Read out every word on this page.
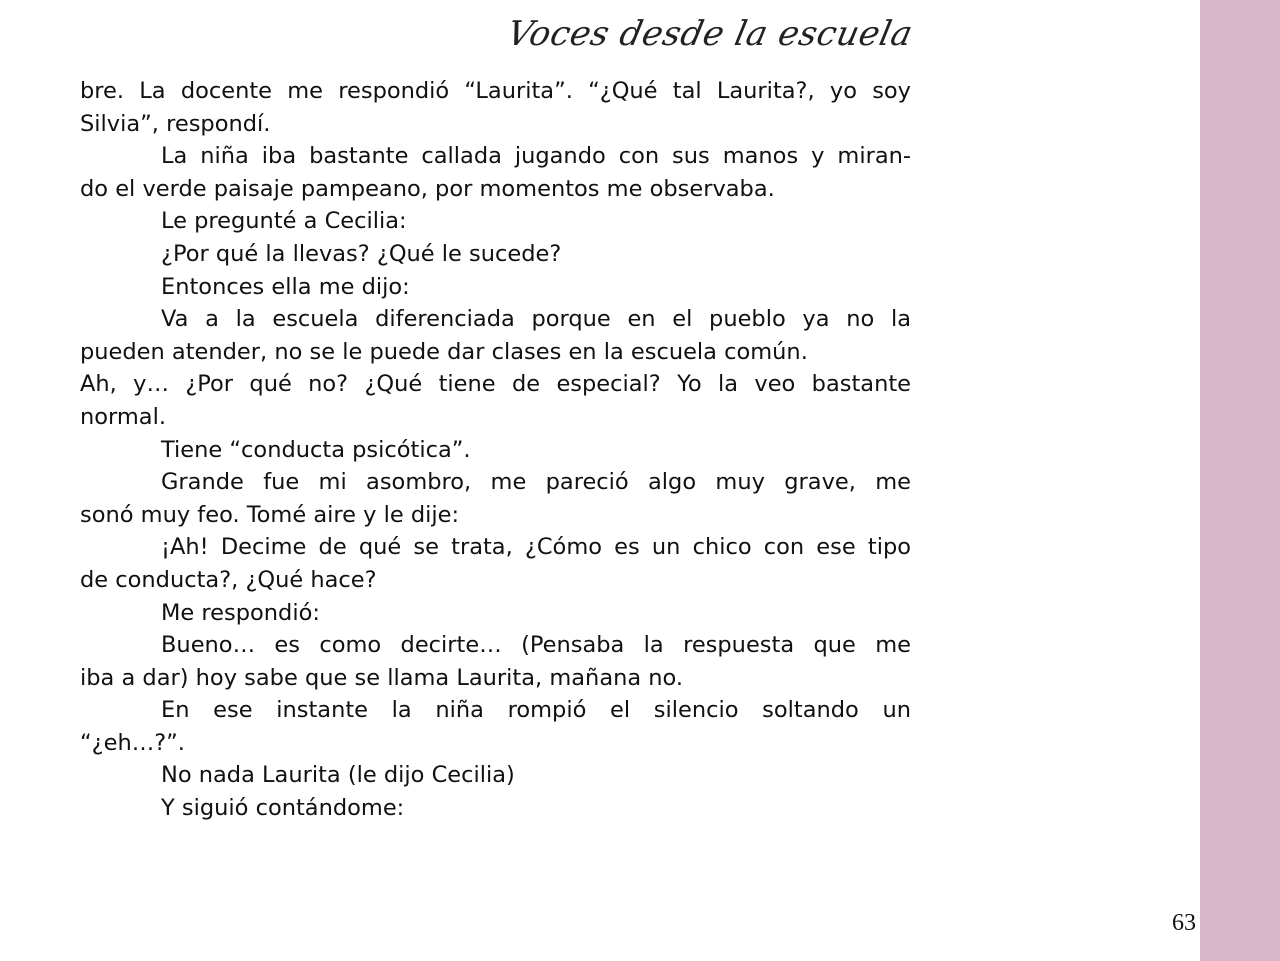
Voces desde la escuela
bre. La docente me respondió “Laurita”. “¿Qué tal Laurita?, yo soy
Silvia”, respondí.
La niña iba bastante callada jugando con sus manos y miran-
do el verde paisaje pampeano, por momentos me observaba.
Le pregunté a Cecilia:
¿Por qué la llevas? ¿Qué le sucede?
Entonces ella me dijo:
Va a la escuela diferenciada porque en el pueblo ya no la
pueden atender, no se le puede dar clases en la escuela común.
Ah, y… ¿Por qué no? ¿Qué tiene de especial? Yo la veo bastante
normal.
Tiene “conducta psicótica”.
Grande fue mi asombro, me pareció algo muy grave, me
sonó muy feo. Tomé aire y le dije:
¡Ah! Decime de qué se trata, ¿Cómo es un chico con ese tipo
de conducta?, ¿Qué hace?
Me respondió:
Bueno… es como decirte… (Pensaba la respuesta que me
iba a dar) hoy sabe que se llama Laurita, mañana no.
En ese instante la niña rompió el silencio soltando un
“¿eh…?”.
No nada Laurita (le dijo Cecilia)
Y siguió contándome:
63
